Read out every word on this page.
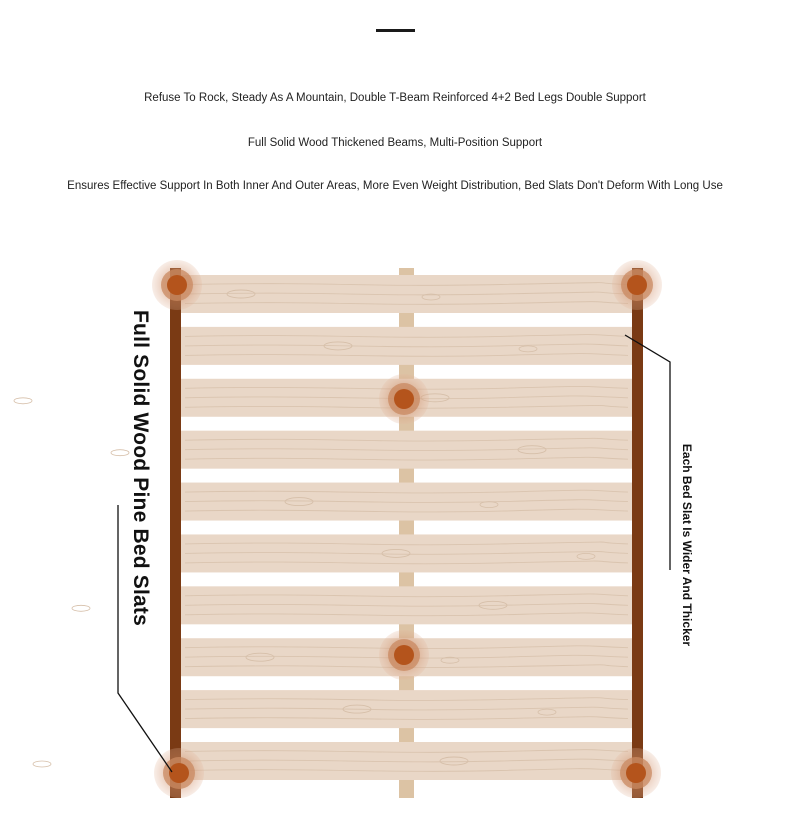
Refuse To Rock, Steady As A Mountain, Double T-Beam Reinforced 4+2 Bed Legs Double Support
Full Solid Wood Thickened Beams, Multi-Position Support
Ensures Effective Support In Both Inner And Outer Areas, More Even Weight Distribution, Bed Slats Don't Deform With Long Use
Full Solid Wood Pine Bed Slats	Each Bed Slat Is Wider And Thicker
